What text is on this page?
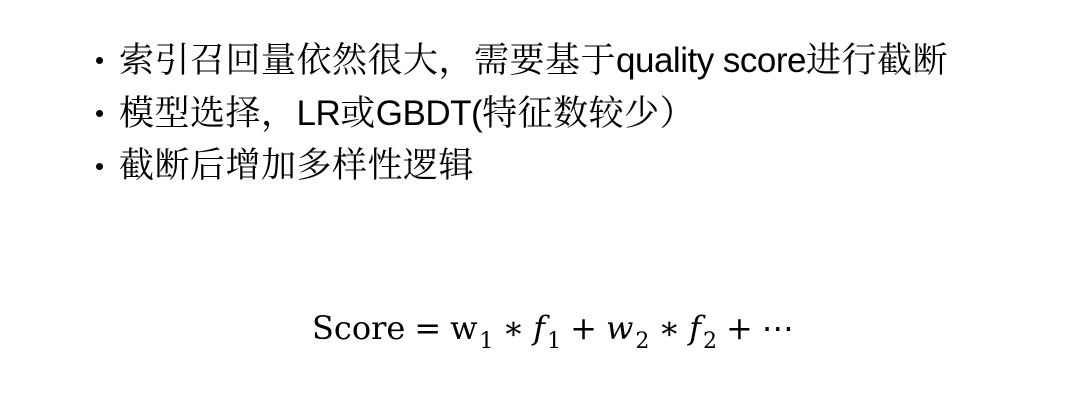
索引召回量依然很大，需要基于quality score进行截断
模型选择，LR或GBDT(特征数较少）
截断后增加多样性逻辑
Score = $w_1$ ∗ $f_1 + w_2$ ∗ $f_2$ + ⋯
